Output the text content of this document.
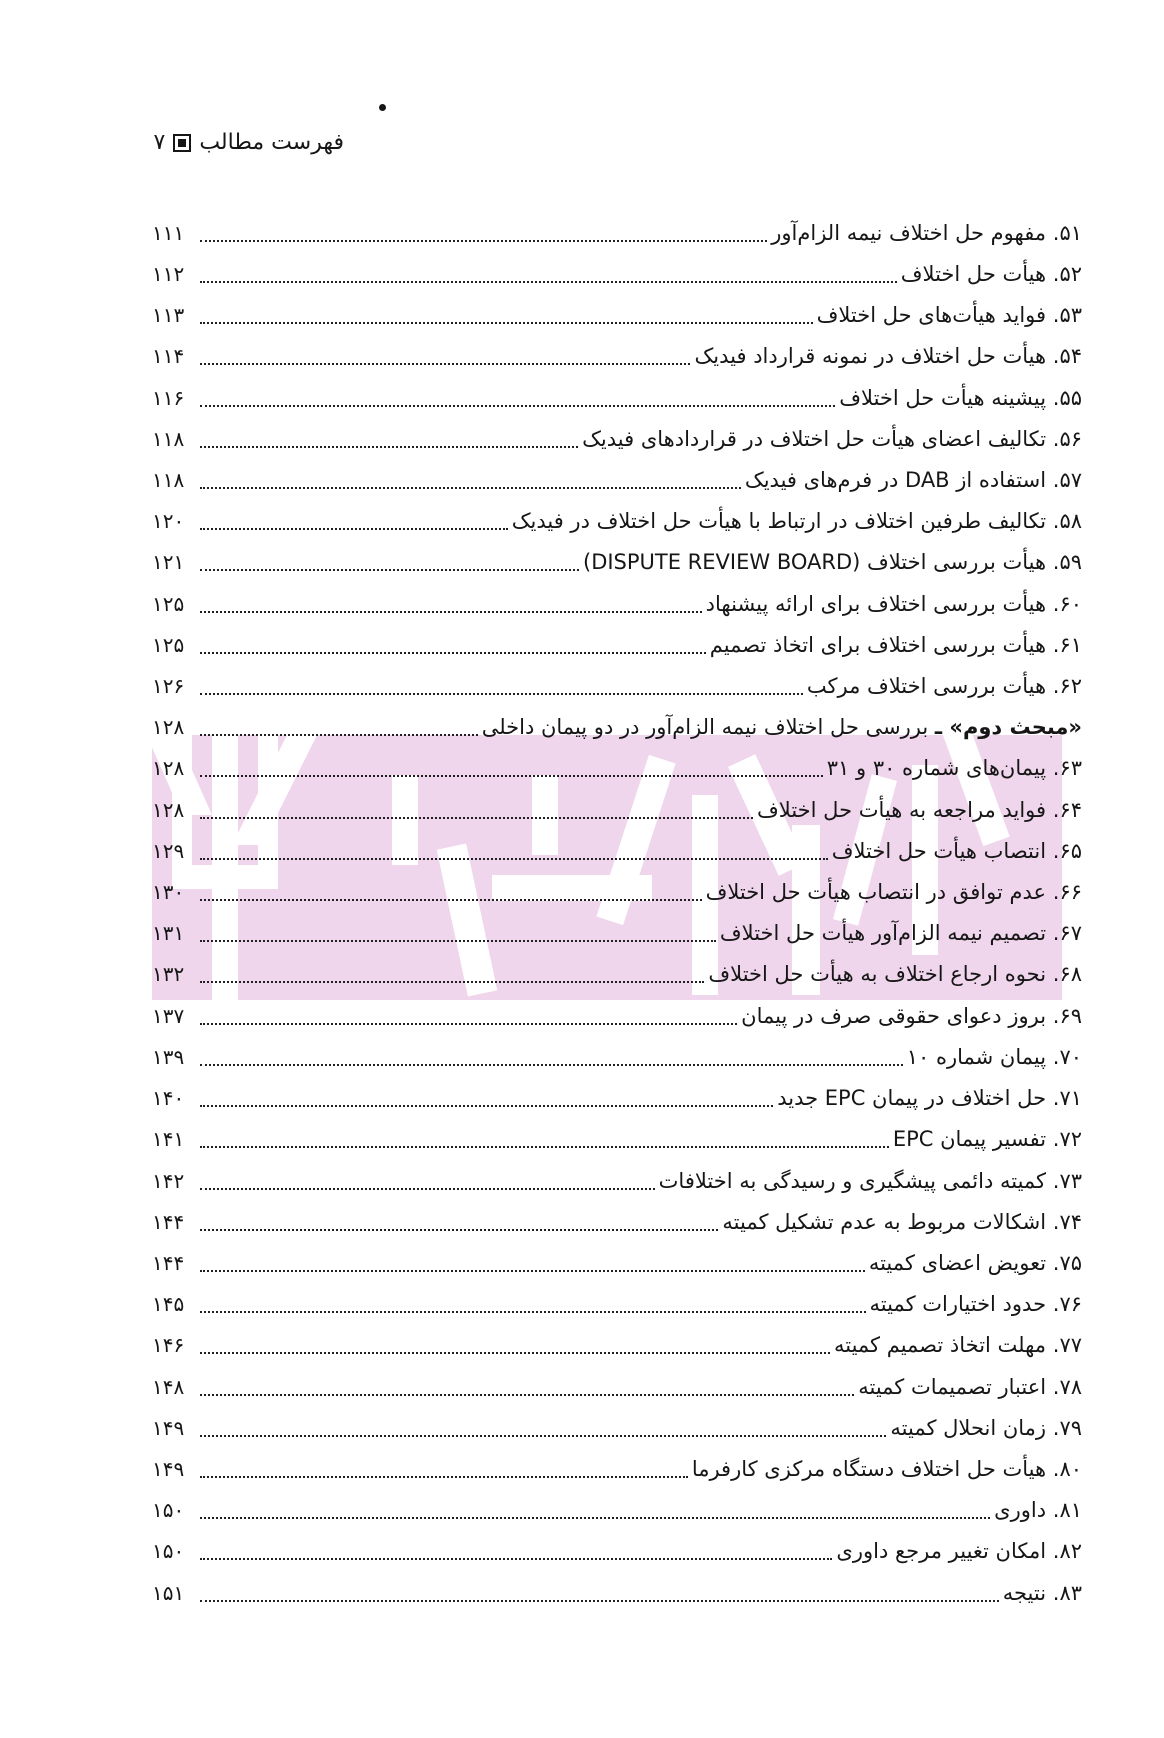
فهرست مطالب
۷
۵۱. مفهوم حل اختلاف نیمه الزام‌آور
۱۱۱
۵۲. هیأت حل اختلاف
۱۱۲
۵۳. فواید هیأت‌های حل اختلاف
۱۱۳
۵۴. هیأت حل اختلاف در نمونه قرارداد فیدیک
۱۱۴
۵۵. پیشینه هیأت حل اختلاف
۱۱۶
۵۶. تکالیف اعضای هیأت حل اختلاف در قراردادهای فیدیک
۱۱۸
۵۷. استفاده از DAB در فرم‌های فیدیک
۱۱۸
۵۸. تکالیف طرفین اختلاف در ارتباط با هیأت حل اختلاف در فیدیک
۱۲۰
۵۹. هیأت بررسی اختلاف (DISPUTE REVIEW BOARD)
۱۲۱
۶۰. هیأت بررسی اختلاف برای ارائه پیشنهاد
۱۲۵
۶۱. هیأت بررسی اختلاف برای اتخاذ تصمیم
۱۲۵
۶۲. هیأت بررسی اختلاف مرکب
۱۲۶
«مبحث دوم» ـ بررسی حل اختلاف نیمه الزام‌آور در دو پیمان داخلی
۱۲۸
۶۳. پیمان‌های شماره ۳۰ و ۳۱
۱۲۸
۶۴. فواید مراجعه به هیأت حل اختلاف
۱۲۸
۶۵. انتصاب هیأت حل اختلاف
۱۲۹
۶۶. عدم توافق در انتصاب هیأت حل اختلاف
۱۳۰
۶۷. تصمیم نیمه الزام‌آور هیأت حل اختلاف
۱۳۱
۶۸. نحوه ارجاع اختلاف به هیأت حل اختلاف
۱۳۲
۶۹. بروز دعوای حقوقی صرف در پیمان
۱۳۷
۷۰. پیمان شماره ۱۰
۱۳۹
۷۱. حل اختلاف در پیمان EPC جدید
۱۴۰
۷۲. تفسیر پیمان EPC
۱۴۱
۷۳. کمیته دائمی پیشگیری و رسیدگی به اختلافات
۱۴۲
۷۴. اشکالات مربوط به عدم تشکیل کمیته
۱۴۴
۷۵. تعویض اعضای کمیته
۱۴۴
۷۶. حدود اختیارات کمیته
۱۴۵
۷۷. مهلت اتخاذ تصمیم کمیته
۱۴۶
۷۸. اعتبار تصمیمات کمیته
۱۴۸
۷۹. زمان انحلال کمیته
۱۴۹
۸۰. هیأت حل اختلاف دستگاه مرکزی کارفرما
۱۴۹
۸۱. داوری
۱۵۰
۸۲. امکان تغییر مرجع داوری
۱۵۰
۸۳. نتیجه
۱۵۱
